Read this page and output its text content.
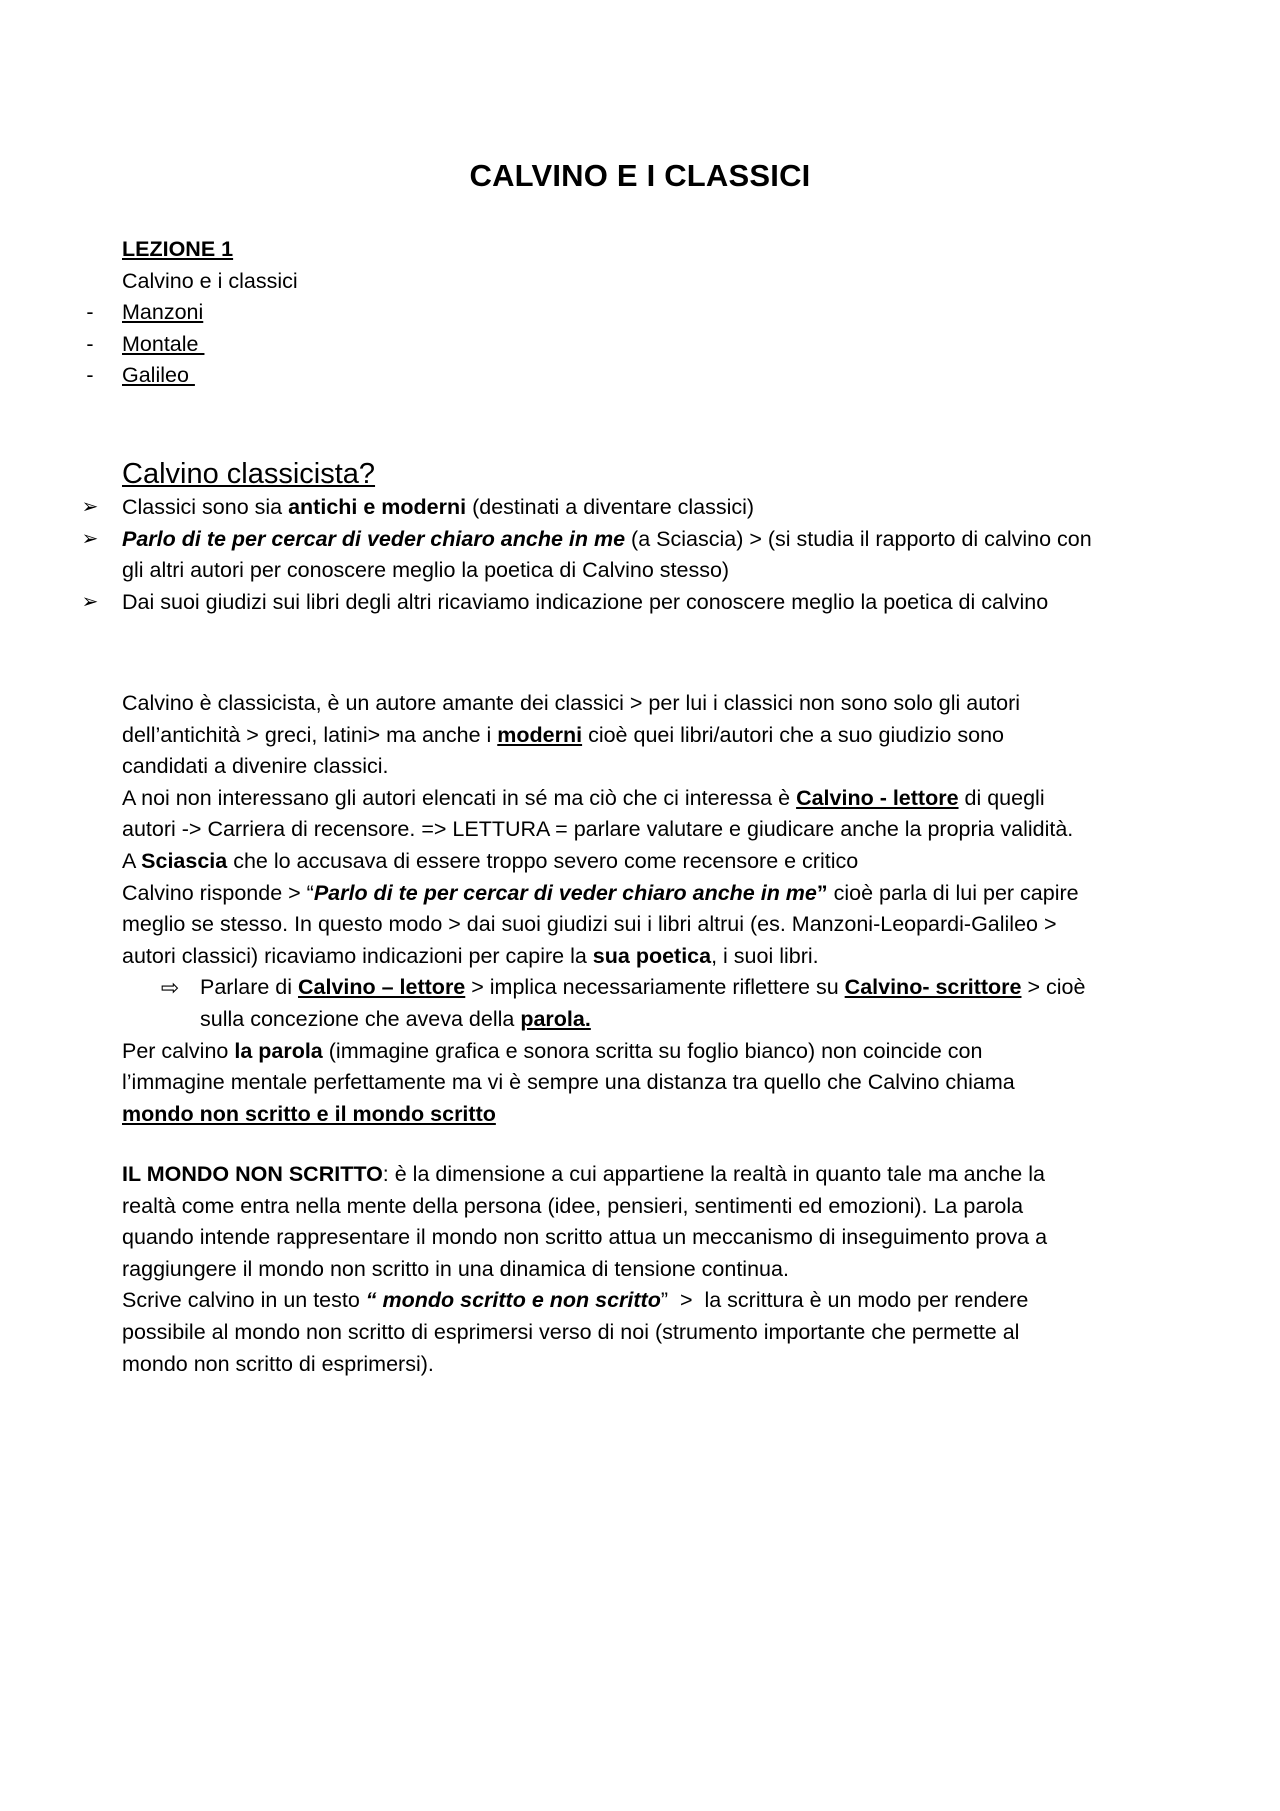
CALVINO E I CLASSICI
LEZIONE 1
Calvino e i classici
- Manzoni
- Montale
- Galileo
Calvino classicista?
➢ Classici sono sia antichi e moderni (destinati a diventare classici)
➢ Parlo di te per cercar di veder chiaro anche in me (a Sciascia) > (si studia il rapporto di calvino con
gli altri autori per conoscere meglio la poetica di Calvino stesso)
➢ Dai suoi giudizi sui libri degli altri ricaviamo indicazione per conoscere meglio la poetica di calvino
Calvino è classicista, è un autore amante dei classici > per lui i classici non sono solo gli autori
dell’antichità > greci, latini> ma anche i moderni cioè quei libri/autori che a suo giudizio sono
candidati a divenire classici.
A noi non interessano gli autori elencati in sé ma ciò che ci interessa è Calvino - lettore di quegli
autori -> Carriera di recensore. => LETTURA = parlare valutare e giudicare anche la propria validità.
A Sciascia che lo accusava di essere troppo severo come recensore e critico
Calvino risponde > “Parlo di te per cercar di veder chiaro anche in me” cioè parla di lui per capire
meglio se stesso. In questo modo > dai suoi giudizi sui i libri altrui (es. Manzoni-Leopardi-Galileo >
autori classici) ricaviamo indicazioni per capire la sua poetica, i suoi libri.
⇨ Parlare di Calvino – lettore > implica necessariamente riflettere su Calvino- scrittore > cioè
sulla concezione che aveva della parola.
Per calvino la parola (immagine grafica e sonora scritta su foglio bianco) non coincide con
l’immagine mentale perfettamente ma vi è sempre una distanza tra quello che Calvino chiama
mondo non scritto e il mondo scritto
IL MONDO NON SCRITTO: è la dimensione a cui appartiene la realtà in quanto tale ma anche la
realtà come entra nella mente della persona (idee, pensieri, sentimenti ed emozioni). La parola
quando intende rappresentare il mondo non scritto attua un meccanismo di inseguimento prova a
raggiungere il mondo non scritto in una dinamica di tensione continua.
Scrive calvino in un testo “ mondo scritto e non scritto”  >  la scrittura è un modo per rendere
possibile al mondo non scritto di esprimersi verso di noi (strumento importante che permette al
mondo non scritto di esprimersi).
